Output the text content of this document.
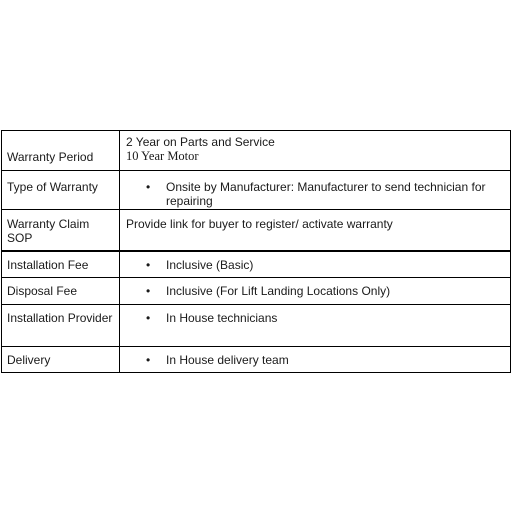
Warranty Period	2 Year on Parts and Service
10 Year Motor

Type of Warranty	• Onsite by Manufacturer: Manufacturer to send technician for repairing

Warranty Claim SOP	Provide link for buyer to register/ activate warranty
Installation Fee	• Inclusive (Basic)

Disposal Fee	• Inclusive (For Lift Landing Locations Only)

Installation Provider	• In House technicians

Delivery	• In House delivery team
